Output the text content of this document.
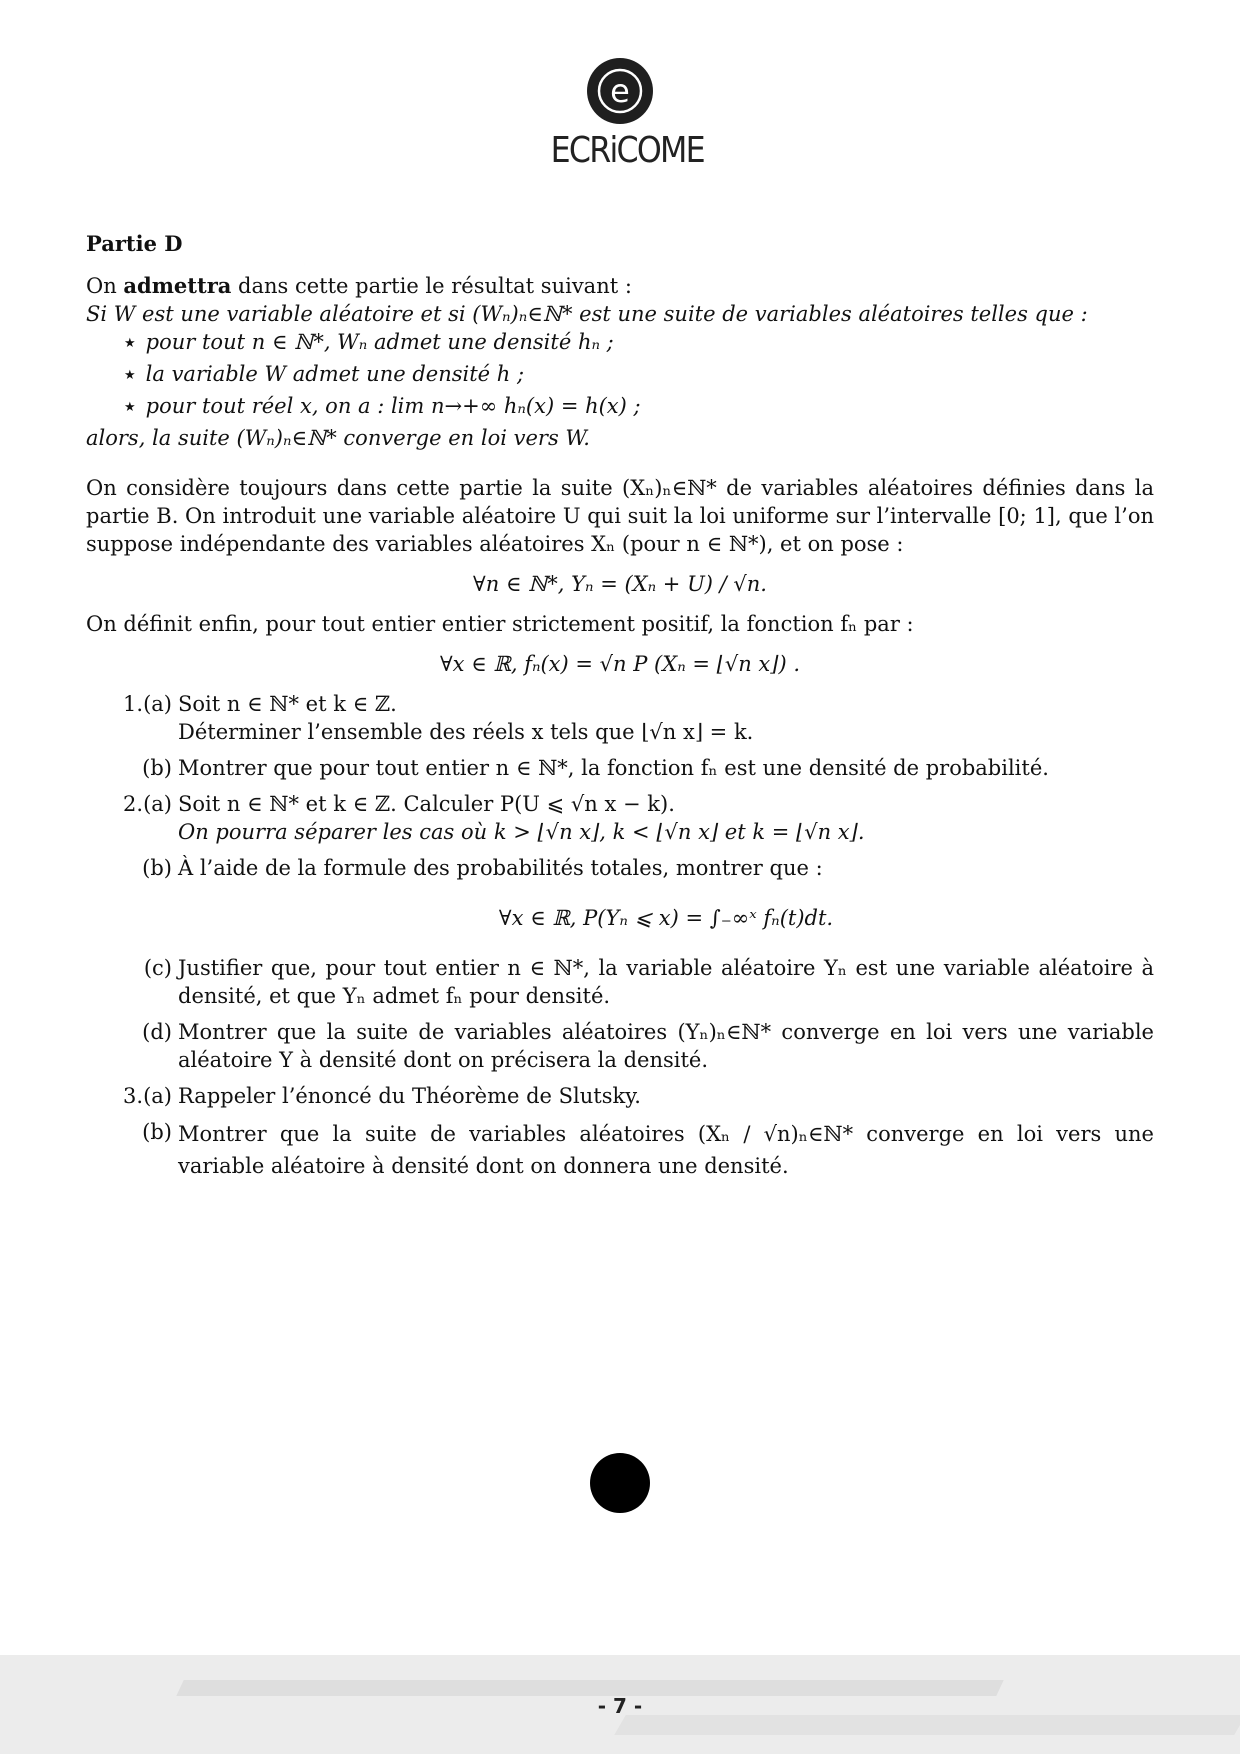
e
ECRiCOME
Partie D

On admettra dans cette partie le résultat suivant :

Si W est une variable aléatoire et si (Wₙ)ₙ∈ℕ* est une suite de variables aléatoires telles que :

★ pour tout n ∈ ℕ*, Wₙ admet une densité hₙ ;
★ la variable W admet une densité h ;
★ pour tout réel x, on a : lim n→+∞ hₙ(x) = h(x) ;

alors, la suite (Wₙ)ₙ∈ℕ* converge en loi vers W.

On considère toujours dans cette partie la suite (Xₙ)ₙ∈ℕ* de variables aléatoires définies dans la partie B. On introduit une variable aléatoire U qui suit la loi uniforme sur l’intervalle [0; 1], que l’on suppose indépendante des variables aléatoires Xₙ (pour n ∈ ℕ*), et on pose :

∀n ∈ ℕ*, Yₙ = (Xₙ + U) / √n.

On définit enfin, pour tout entier entier strictement positif, la fonction fₙ par :

∀x ∈ ℝ, fₙ(x) = √n P (Xₙ = ⌊√n x⌋) .
1.(a) Soit n ∈ ℕ* et k ∈ ℤ.

Déterminer l’ensemble des réels x tels que ⌊√n x⌋ = k.

(b) Montrer que pour tout entier n ∈ ℕ*, la fonction fₙ est une densité de probabilité.

2.(a) Soit n ∈ ℕ* et k ∈ ℤ. Calculer P(U ⩽ √n x − k).

On pourra séparer les cas où k > ⌊√n x⌋, k < ⌊√n x⌋ et k = ⌊√n x⌋.

(b) À l’aide de la formule des probabilités totales, montrer que :

∀x ∈ ℝ, P(Yₙ ⩽ x) = ∫₋∞ˣ fₙ(t)dt.
(c) Justifier que, pour tout entier n ∈ ℕ*, la variable aléatoire Yₙ est une variable aléatoire à densité, et que Yₙ admet fₙ pour densité.

(d) Montrer que la suite de variables aléatoires (Yₙ)ₙ∈ℕ* converge en loi vers une variable aléatoire Y à densité dont on précisera la densité.

3.(a) Rappeler l’énoncé du Théorème de Slutsky.

(b) Montrer que la suite de variables aléatoires (Xₙ / √n)ₙ∈ℕ* converge en loi vers une variable aléatoire à densité dont on donnera une densité.

- 7 -
